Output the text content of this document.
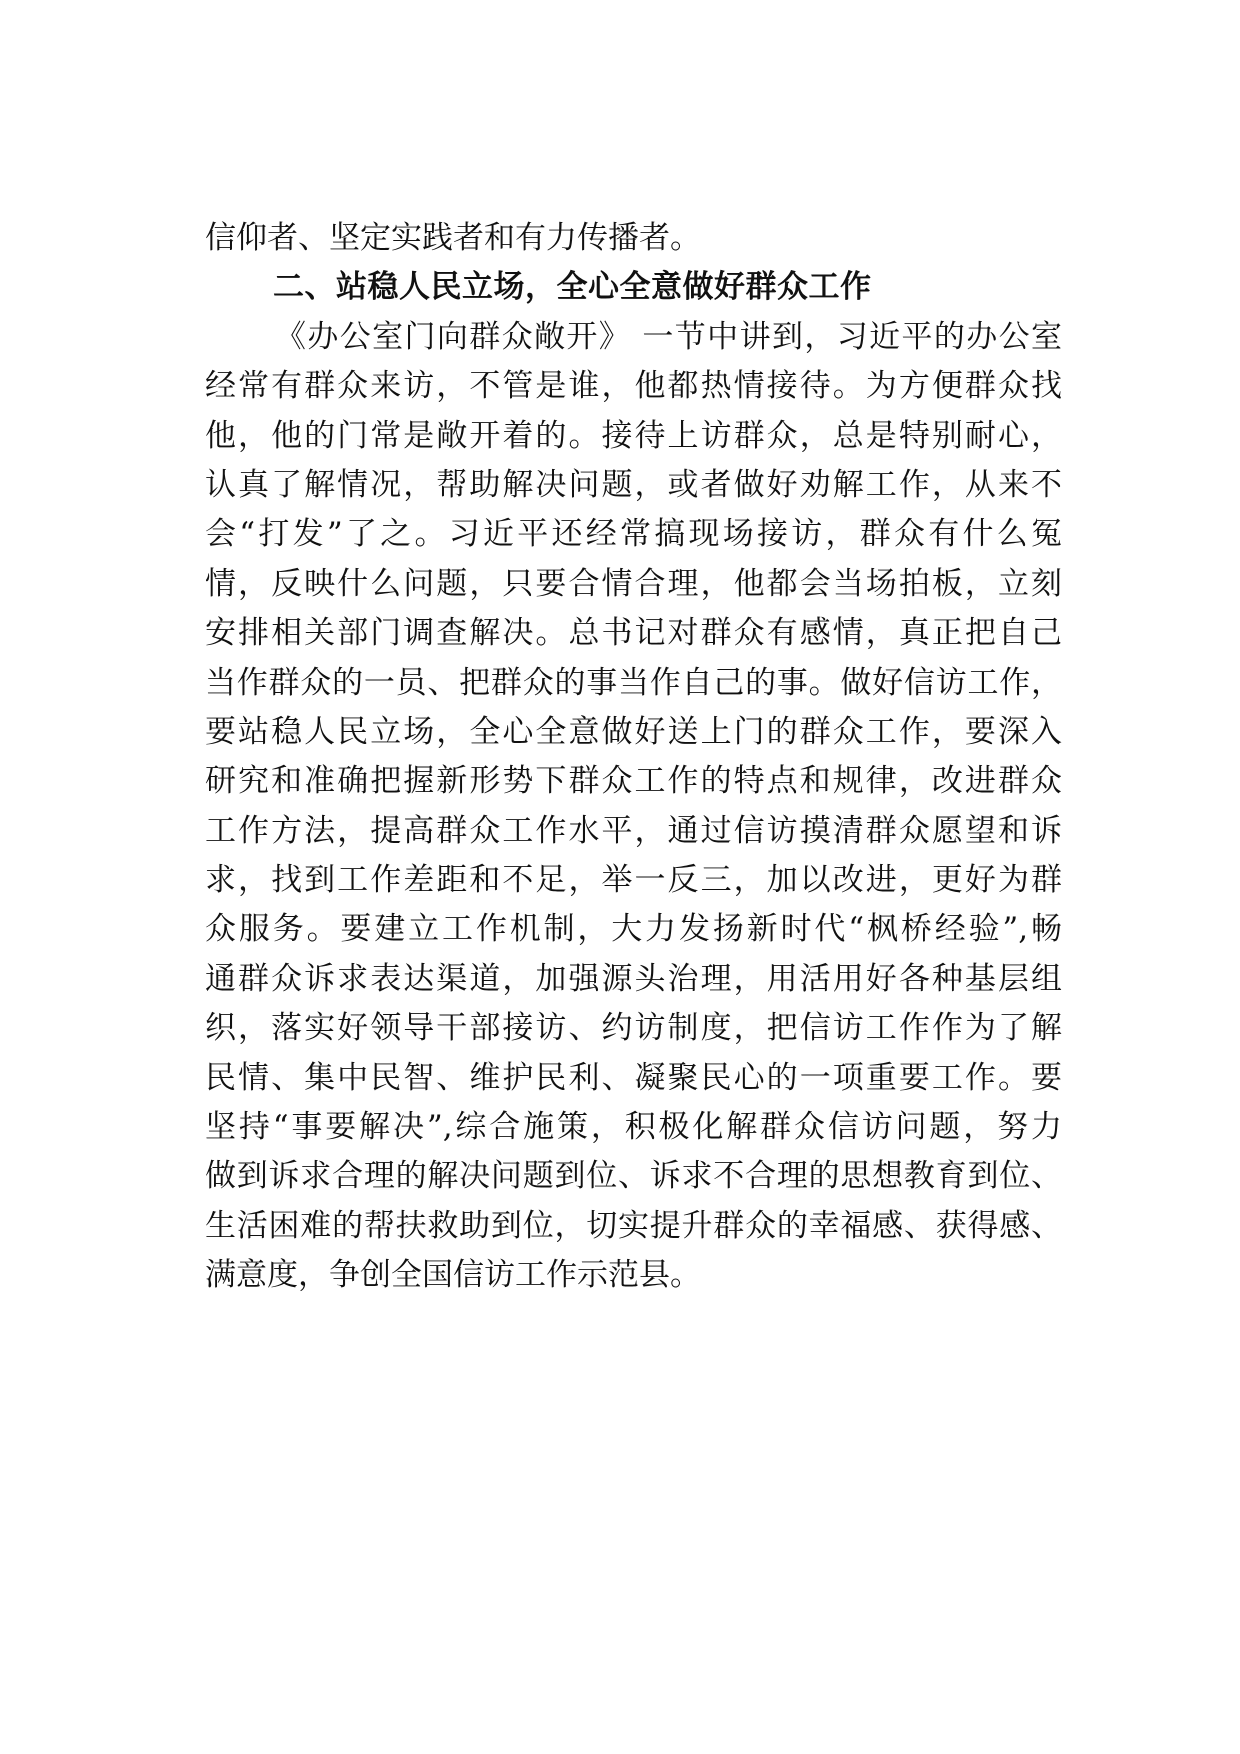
信仰者、坚定实践者和有力传播者。
二、站稳人民立场，全心全意做好群众工作
《办公室门向群众敞开》 一节中讲到，习近平的办公室
经常有群众来访，不管是谁，他都热情接待。为方便群众找
他，他的门常是敞开着的。接待上访群众，总是特别耐心，
认真了解情况，帮助解决问题，或者做好劝解工作，从来不
会“打发”了之。习近平还经常搞现场接访，群众有什么冤
情，反映什么问题，只要合情合理，他都会当场拍板，立刻
安排相关部门调查解决。总书记对群众有感情，真正把自己
当作群众的一员、把群众的事当作自己的事。做好信访工作，
要站稳人民立场，全心全意做好送上门的群众工作，要深入
研究和准确把握新形势下群众工作的特点和规律，改进群众
工作方法，提高群众工作水平，通过信访摸清群众愿望和诉
求，找到工作差距和不足，举一反三，加以改进，更好为群
众服务。要建立工作机制，大力发扬新时代“枫桥经验”,畅
通群众诉求表达渠道，加强源头治理，用活用好各种基层组
织，落实好领导干部接访、约访制度，把信访工作作为了解
民情、集中民智、维护民利、凝聚民心的一项重要工作。要
坚持“事要解决”,综合施策，积极化解群众信访问题，努力
做到诉求合理的解决问题到位、诉求不合理的思想教育到位、
生活困难的帮扶救助到位，切实提升群众的幸福感、获得感、
满意度，争创全国信访工作示范县。
